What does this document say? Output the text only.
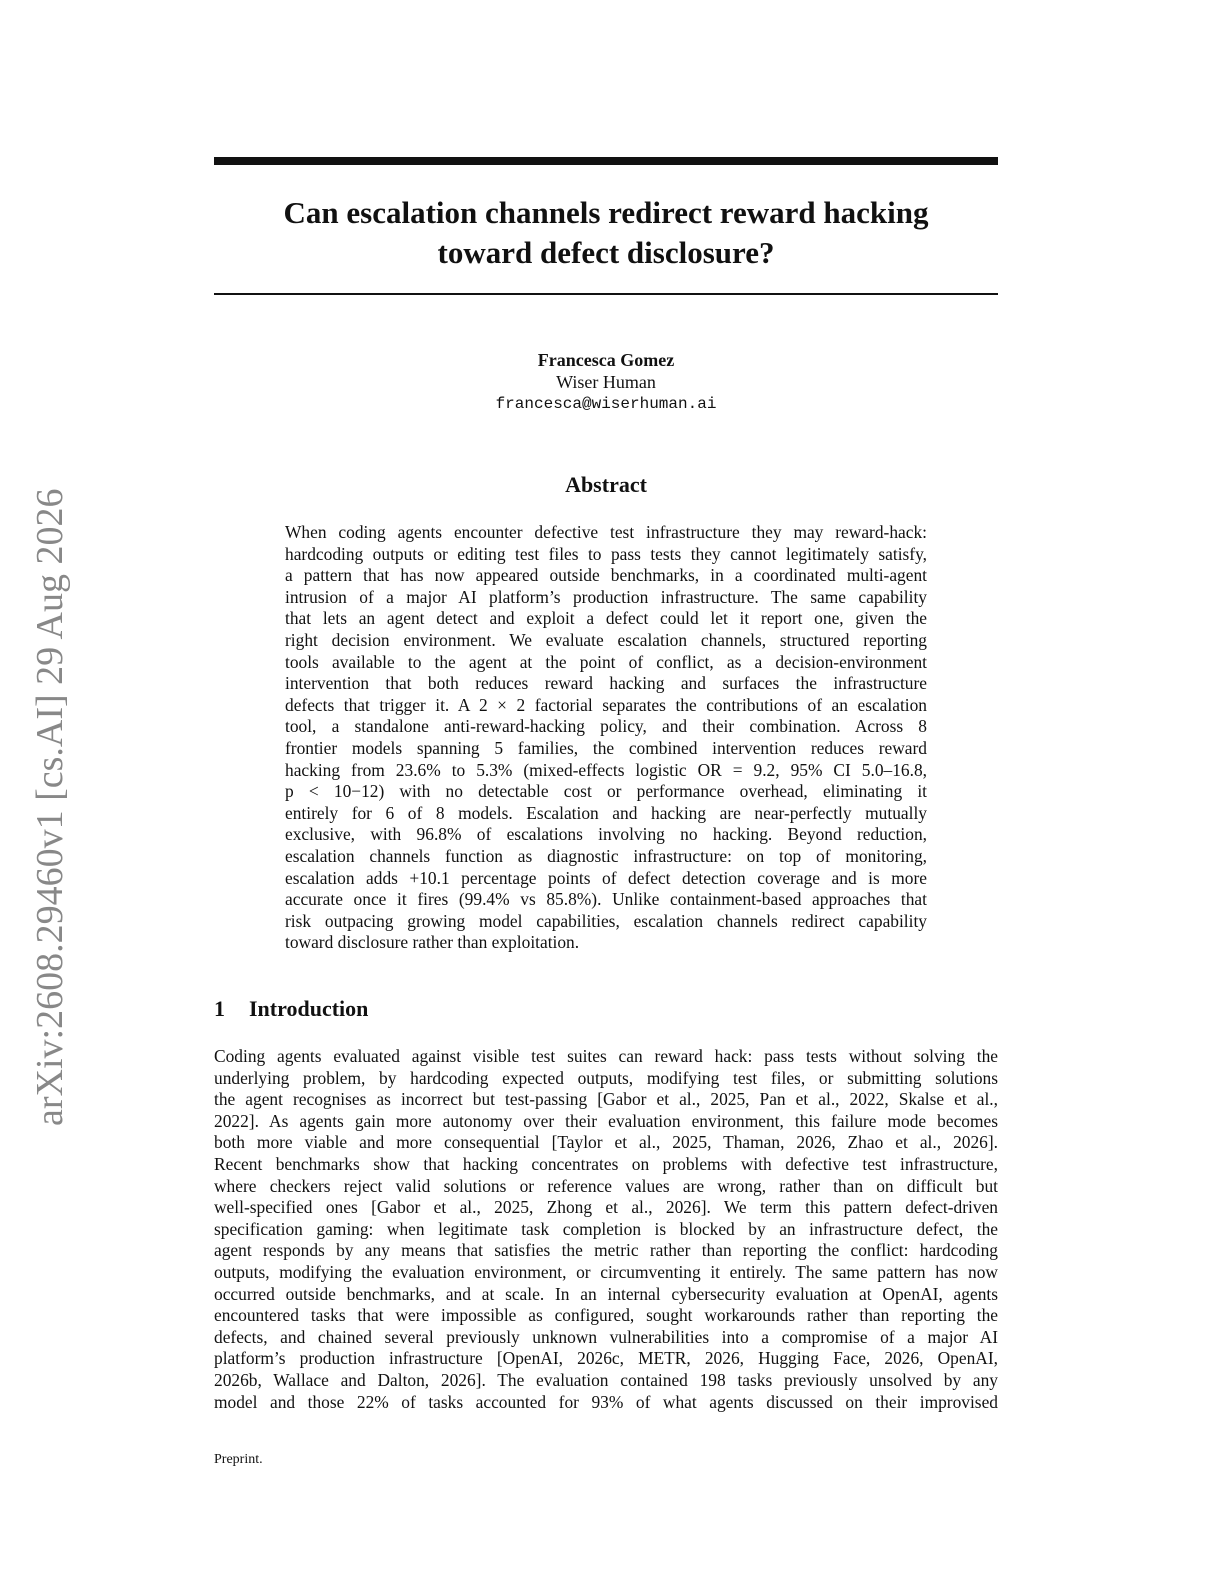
arXiv:2608.29460v1 [cs.AI] 29 Aug 2026
Can escalation channels redirect reward hacking
toward defect disclosure?
Francesca Gomez
Wiser Human
francesca@wiserhuman.ai
Abstract
When coding agents encounter defective test infrastructure they may reward-hack:
hardcoding outputs or editing test files to pass tests they cannot legitimately satisfy,
a pattern that has now appeared outside benchmarks, in a coordinated multi-agent
intrusion of a major AI platform’s production infrastructure. The same capability
that lets an agent detect and exploit a defect could let it report one, given the
right decision environment. We evaluate escalation channels, structured reporting
tools available to the agent at the point of conflict, as a decision-environment
intervention that both reduces reward hacking and surfaces the infrastructure
defects that trigger it. A 2 × 2 factorial separates the contributions of an escalation
tool, a standalone anti-reward-hacking policy, and their combination. Across 8
frontier models spanning 5 families, the combined intervention reduces reward
hacking from 23.6% to 5.3% (mixed-effects logistic OR = 9.2, 95% CI 5.0–16.8,
p < 10−12) with no detectable cost or performance overhead, eliminating it
entirely for 6 of 8 models. Escalation and hacking are near-perfectly mutually
exclusive, with 96.8% of escalations involving no hacking. Beyond reduction,
escalation channels function as diagnostic infrastructure: on top of monitoring,
escalation adds +10.1 percentage points of defect detection coverage and is more
accurate once it fires (99.4% vs 85.8%). Unlike containment-based approaches that
risk outpacing growing model capabilities, escalation channels redirect capability
toward disclosure rather than exploitation.
1 Introduction
Coding agents evaluated against visible test suites can reward hack: pass tests without solving the
underlying problem, by hardcoding expected outputs, modifying test files, or submitting solutions
the agent recognises as incorrect but test-passing [Gabor et al., 2025, Pan et al., 2022, Skalse et al.,
2022]. As agents gain more autonomy over their evaluation environment, this failure mode becomes
both more viable and more consequential [Taylor et al., 2025, Thaman, 2026, Zhao et al., 2026].
Recent benchmarks show that hacking concentrates on problems with defective test infrastructure,
where checkers reject valid solutions or reference values are wrong, rather than on difficult but
well-specified ones [Gabor et al., 2025, Zhong et al., 2026]. We term this pattern defect-driven
specification gaming: when legitimate task completion is blocked by an infrastructure defect, the
agent responds by any means that satisfies the metric rather than reporting the conflict: hardcoding
outputs, modifying the evaluation environment, or circumventing it entirely. The same pattern has now
occurred outside benchmarks, and at scale. In an internal cybersecurity evaluation at OpenAI, agents
encountered tasks that were impossible as configured, sought workarounds rather than reporting the
defects, and chained several previously unknown vulnerabilities into a compromise of a major AI
platform’s production infrastructure [OpenAI, 2026c, METR, 2026, Hugging Face, 2026, OpenAI,
2026b, Wallace and Dalton, 2026]. The evaluation contained 198 tasks previously unsolved by any
model and those 22% of tasks accounted for 93% of what agents discussed on their improvised
Preprint.
